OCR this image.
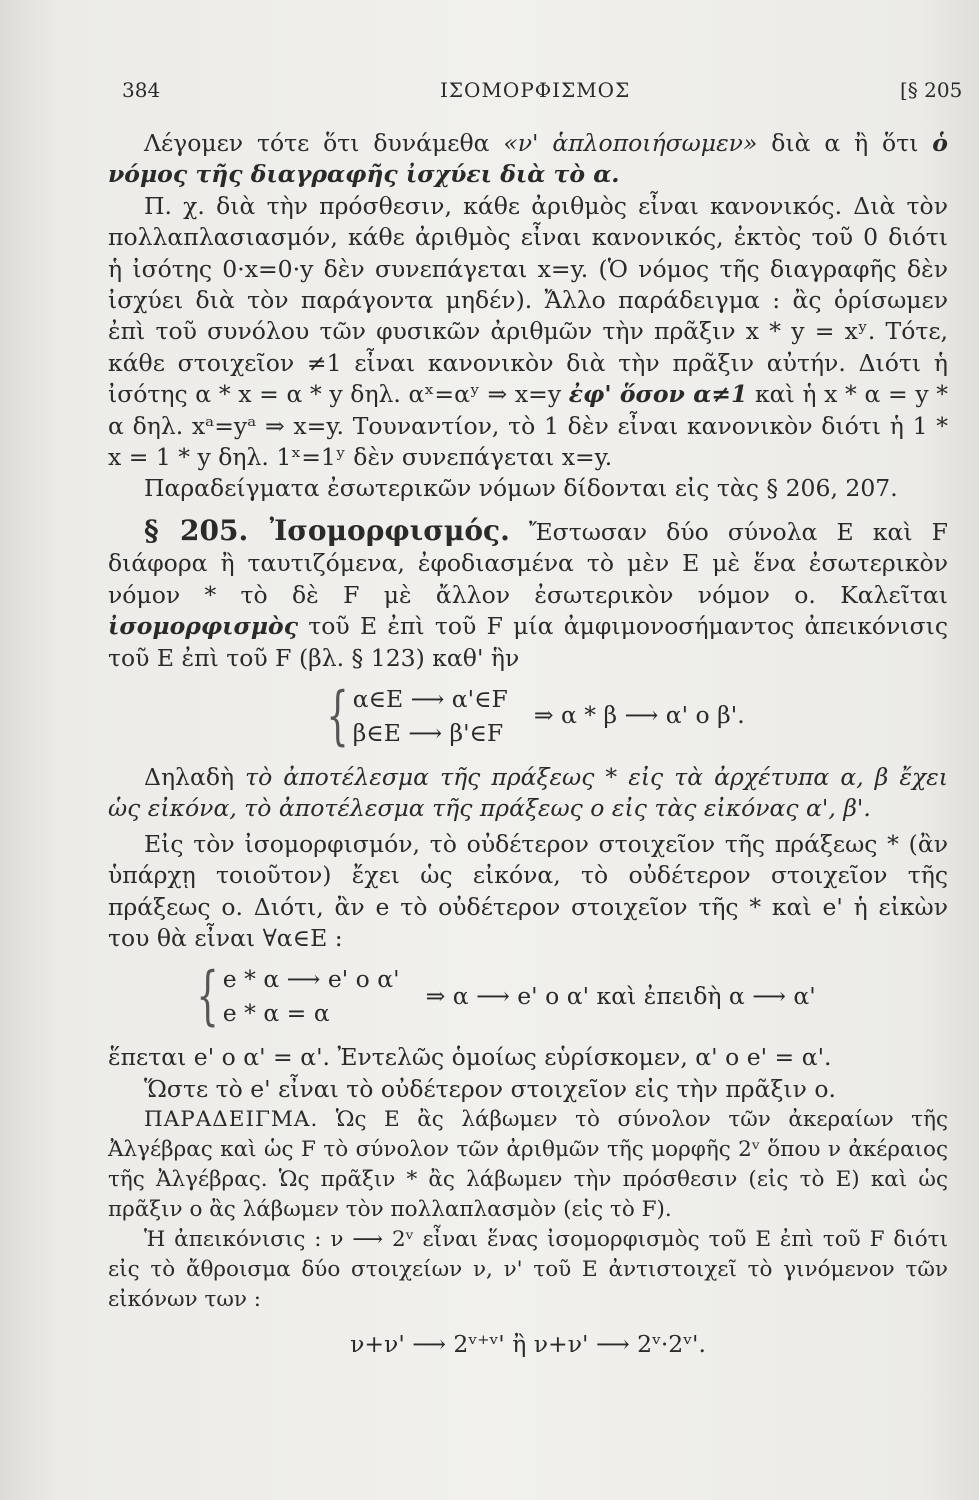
384	ΙΣΟΜΟΡΦΙΣΜΟΣ	[§ 205

Λέγομεν τότε ὅτι δυνάμεθα «ν' ἁπλοποιήσωμεν» διὰ α ἢ ὅτι ὁ νόμος τῆς διαγραφῆς ἰσχύει διὰ τὸ α.

Π. χ. διὰ τὴν πρόσθεσιν, κάθε ἀριθμὸς εἶναι κανονικός. Διὰ τὸν πολλαπλασιασμόν, κάθε ἀριθμὸς εἶναι κανονικός, ἐκτὸς τοῦ 0 διότι ἡ ἰσότης 0·x=0·y δὲν συνεπάγεται x=y. (Ὁ νόμος τῆς διαγραφῆς δὲν ἰσχύει διὰ τὸν παράγοντα μηδέν). Ἄλλο παράδειγμα : ἂς ὁρίσωμεν ἐπὶ τοῦ συνόλου τῶν φυσικῶν ἀριθμῶν τὴν πρᾶξιν x * y = xʸ. Τότε, κάθε στοιχεῖον ≠1 εἶναι κανονικὸν διὰ τὴν πρᾶξιν αὐτήν. Διότι ἡ ἰσότης α * x = α * y δηλ. αˣ=αʸ ⇒ x=y ἐφ' ὅσον α≠1 καὶ ἡ x * α = y * α δηλ. xᵃ=yᵃ ⇒ x=y. Τουναντίον, τὸ 1 δὲν εἶναι κανονικὸν διότι ἡ 1 * x = 1 * y δηλ. 1ˣ=1ʸ δὲν συνεπάγεται x=y.

Παραδείγματα ἐσωτερικῶν νόμων δίδονται εἰς τὰς § 206, 207.

§ 205. Ἰσομορφισμός. Ἔστωσαν δύο σύνολα E καὶ F διάφορα ἢ ταυτιζόμενα, ἐφοδιασμένα τὸ μὲν E μὲ ἕνα ἐσωτερικὸν νόμον * τὸ δὲ F μὲ ἄλλον ἐσωτερικὸν νόμον ο. Καλεῖται ἰσομορφισμὸς τοῦ E ἐπὶ τοῦ F μία ἀμφιμονοσήμαντος ἀπεικόνισις τοῦ E ἐπὶ τοῦ F (βλ. § 123) καθ' ἣν

{ α∈E ⟶ α'∈F
β∈E ⟶ β'∈F
⇒ α * β ⟶ α' ο β'.

Δηλαδὴ τὸ ἀποτέλεσμα τῆς πράξεως * εἰς τὰ ἀρχέτυπα α, β ἔχει ὡς εἰκόνα, τὸ ἀποτέλεσμα τῆς πράξεως ο εἰς τὰς εἰκόνας α', β'.

Εἰς τὸν ἰσομορφισμόν, τὸ οὐδέτερον στοιχεῖον τῆς πράξεως * (ἂν ὑπάρχῃ τοιοῦτον) ἔχει ὡς εἰκόνα, τὸ οὐδέτερον στοιχεῖον τῆς πράξεως ο. Διότι, ἂν e τὸ οὐδέτερον στοιχεῖον τῆς * καὶ e' ἡ εἰκὼν του θὰ εἶναι ∀α∈E :

{ e * α ⟶ e' ο α'
e * α = α
⇒ α ⟶ e' ο α' καὶ ἐπειδὴ α ⟶ α'

ἕπεται e' ο α' = α'. Ἐντελῶς ὁμοίως εὑρίσκομεν, α' ο e' = α'.

Ὥστε τὸ e' εἶναι τὸ οὐδέτερον στοιχεῖον εἰς τὴν πρᾶξιν ο.

ΠΑΡΑΔΕΙΓΜΑ. Ὡς E ἂς λάβωμεν τὸ σύνολον τῶν ἀκεραίων τῆς Ἀλγέβρας καὶ ὡς F τὸ σύνολον τῶν ἀριθμῶν τῆς μορφῆς 2ᵛ ὅπου ν ἀκέραιος τῆς Ἀλγέβρας. Ὡς πρᾶξιν * ἂς λάβωμεν τὴν πρόσθεσιν (εἰς τὸ E) καὶ ὡς πρᾶξιν ο ἂς λάβωμεν τὸν πολλαπλασμὸν (εἰς τὸ F).

Ἡ ἀπεικόνισις : ν ⟶ 2ᵛ εἶναι ἕνας ἰσομορφισμὸς τοῦ E ἐπὶ τοῦ F διότι εἰς τὸ ἄθροισμα δύο στοιχείων ν, ν' τοῦ E ἀντιστοιχεῖ τὸ γινόμενον τῶν εἰκόνων των :

ν+ν' ⟶ 2ᵛ⁺ᵛ' ἢ ν+ν' ⟶ 2ᵛ·2ᵛ'.
